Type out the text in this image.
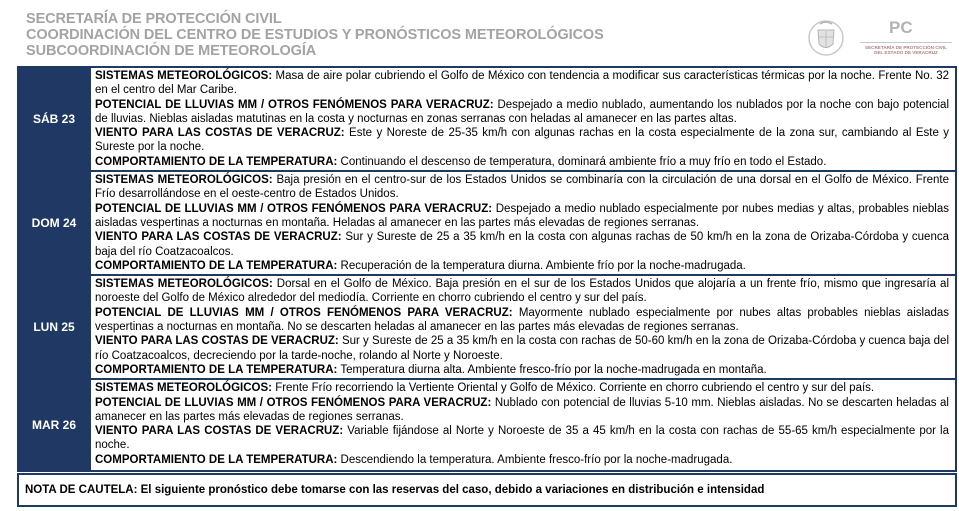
SECRETARÍA DE PROTECCIÓN CIVIL
COORDINACIÓN DEL CENTRO DE ESTUDIOS Y PRONÓSTICOS METEOROLÓGICOS
SUBCOORDINACIÓN DE METEOROLOGÍA
PC
SECRETARÍA DE PROTECCIÓN CIVIL
DEL ESTADO DE VERACRUZ
SÁB 23	SISTEMAS METEOROLÓGICOS: Masa de aire polar cubriendo el Golfo de México con tendencia a modificar sus características térmicas por la noche. Frente No. 32 en el centro del Mar Caribe.

POTENCIAL DE LLUVIAS MM / OTROS FENÓMENOS PARA VERACRUZ: Despejado a medio nublado, aumentando los nublados por la noche con bajo potencial de lluvias. Nieblas aisladas matutinas en la costa y nocturnas en zonas serranas con heladas al amanecer en las partes altas.

VIENTO PARA LAS COSTAS DE VERACRUZ: Este y Noreste de 25-35 km/h con algunas rachas en la costa especialmente de la zona sur, cambiando al Este y Sureste por la noche.

COMPORTAMIENTO DE LA TEMPERATURA: Continuando el descenso de temperatura, dominará ambiente frío a muy frío en todo el Estado.

DOM 24	SISTEMAS METEOROLÓGICOS: Baja presión en el centro-sur de los Estados Unidos se combinaría con la circulación de una dorsal en el Golfo de México. Frente Frío desarrollándose en el oeste-centro de Estados Unidos.

POTENCIAL DE LLUVIAS MM / OTROS FENÓMENOS PARA VERACRUZ: Despejado a medio nublado especialmente por nubes medias y altas, probables nieblas aisladas vespertinas a nocturnas en montaña. Heladas al amanecer en las partes más elevadas de regiones serranas.

VIENTO PARA LAS COSTAS DE VERACRUZ: Sur y Sureste de 25 a 35 km/h en la costa con algunas rachas de 50 km/h en la zona de Orizaba-Córdoba y cuenca baja del río Coatzacoalcos.

COMPORTAMIENTO DE LA TEMPERATURA: Recuperación de la temperatura diurna. Ambiente frío por la noche-madrugada.

LUN 25	SISTEMAS METEOROLÓGICOS: Dorsal en el Golfo de México. Baja presión en el sur de los Estados Unidos que alojaría a un frente frío, mismo que ingresaría al noroeste del Golfo de México alrededor del mediodía. Corriente en chorro cubriendo el centro y sur del país.

POTENCIAL DE LLUVIAS MM / OTROS FENÓMENOS PARA VERACRUZ: Mayormente nublado especialmente por nubes altas probables nieblas aisladas vespertinas a nocturnas en montaña. No se descarten heladas al amanecer en las partes más elevadas de regiones serranas.

VIENTO PARA LAS COSTAS DE VERACRUZ: Sur y Sureste de 25 a 35 km/h en la costa con rachas de 50-60 km/h en la zona de Orizaba-Córdoba y cuenca baja del río Coatzacoalcos, decreciendo por la tarde-noche, rolando al Norte y Noroeste.

COMPORTAMIENTO DE LA TEMPERATURA: Temperatura diurna alta. Ambiente fresco-frío por la noche-madrugada en montaña.

MAR 26	SISTEMAS METEOROLÓGICOS: Frente Frío recorriendo la Vertiente Oriental y Golfo de México. Corriente en chorro cubriendo el centro y sur del país.

POTENCIAL DE LLUVIAS MM / OTROS FENÓMENOS PARA VERACRUZ: Nublado con potencial de lluvias 5-10 mm. Nieblas aisladas. No se descarten heladas al amanecer en las partes más elevadas de regiones serranas.

VIENTO PARA LAS COSTAS DE VERACRUZ: Variable fijándose al Norte y Noroeste de 35 a 45 km/h en la costa con rachas de 55-65 km/h especialmente por la noche.

COMPORTAMIENTO DE LA TEMPERATURA: Descendiendo la temperatura. Ambiente fresco-frío por la noche-madrugada.

NOTA DE CAUTELA: El siguiente pronóstico debe tomarse con las reservas del caso, debido a variaciones en distribución e intensidad
